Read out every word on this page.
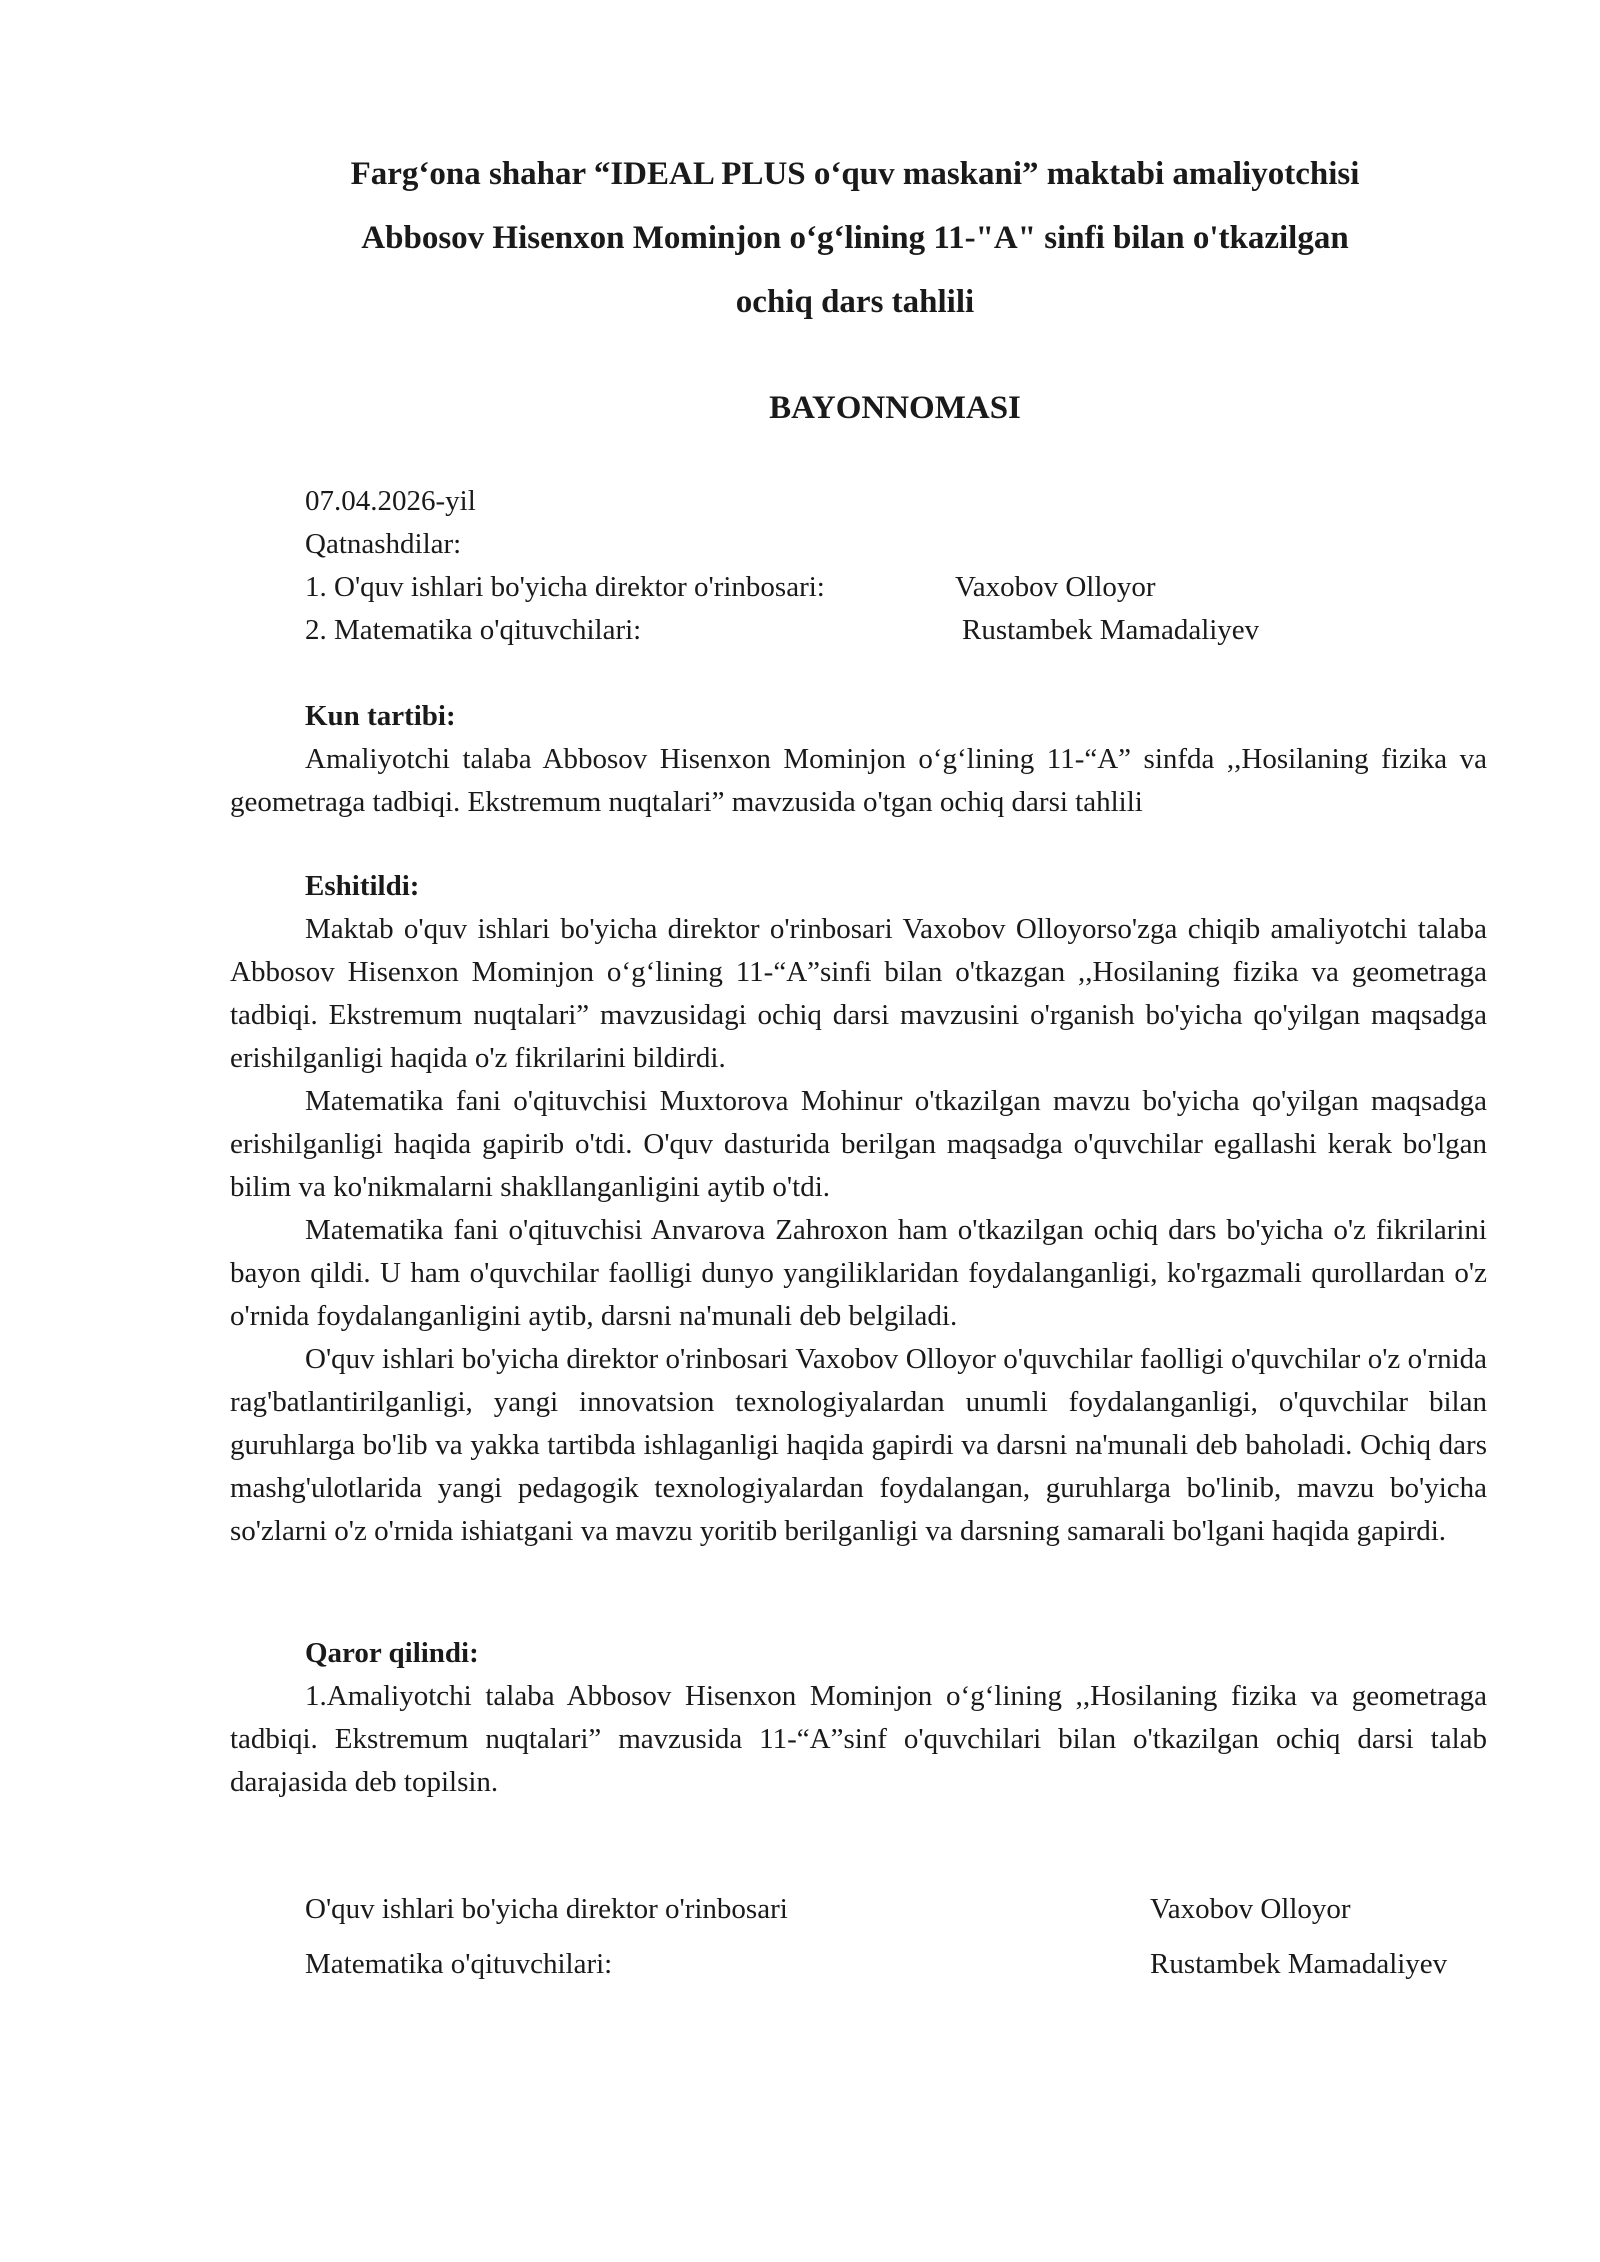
Farg‘ona shahar “IDEAL PLUS o‘quv maskani” maktabi amaliyotchisi
Abbosov Hisenxon Mominjon o‘g‘lining 11-"A" sinfi bilan o'tkazilgan
ochiq dars tahlili
BAYONNOMASI
07.04.2026-yil
Qatnashdilar:
1. O'quv ishlari bo'yicha direktor o'rinbosari:	Vaxobov Olloyor
2. Matematika o'qituvchilari:	Rustambek Mamadaliyev
Kun tartibi:

Amaliyotchi talaba Abbosov Hisenxon Mominjon o‘g‘lining 11-“A” sinfda ,,Hosilaning fizika va geometraga tadbiqi. Ekstremum nuqtalari” mavzusida o'tgan ochiq darsi tahlili

Eshitildi:

Maktab o'quv ishlari bo'yicha direktor o'rinbosari Vaxobov Olloyorso'zga chiqib amaliyotchi talaba Abbosov Hisenxon Mominjon o‘g‘lining 11-“A”sinfi bilan o'tkazgan ,,Hosilaning fizika va geometraga tadbiqi. Ekstremum nuqtalari” mavzusidagi ochiq darsi mavzusini o'rganish bo'yicha qo'yilgan maqsadga erishilganligi haqida o'z fikrilarini bildirdi.

Matematika fani o'qituvchisi Muxtorova Mohinur o'tkazilgan mavzu bo'yicha qo'yilgan maqsadga erishilganligi haqida gapirib o'tdi. O'quv dasturida berilgan maqsadga o'quvchilar egallashi kerak bo'lgan bilim va ko'nikmalarni shakllanganligini aytib o'tdi.

Matematika fani o'qituvchisi Anvarova Zahroxon ham o'tkazilgan ochiq dars bo'yicha o'z fikrilarini bayon qildi. U ham o'quvchilar faolligi dunyo yangiliklaridan foydalanganligi, ko'rgazmali qurollardan o'z o'rnida foydalanganligini aytib, darsni na'munali deb belgiladi.

O'quv ishlari bo'yicha direktor o'rinbosari Vaxobov Olloyor o'quvchilar faolligi o'quvchilar o'z o'rnida rag'batlantirilganligi, yangi innovatsion texnologiyalardan unumli foydalanganligi, o'quvchilar bilan guruhlarga bo'lib va yakka tartibda ishlaganligi haqida gapirdi va darsni na'munali deb baholadi. Ochiq dars mashg'ulotlarida yangi pedagogik texnologiyalardan foydalangan, guruhlarga bo'linib, mavzu bo'yicha so'zlarni o'z o'rnida ishiatgani va mavzu yoritib berilganligi va darsning samarali bo'lgani haqida gapirdi.

Qaror qilindi:

1.Amaliyotchi talaba Abbosov Hisenxon Mominjon o‘g‘lining ,,Hosilaning fizika va geometraga tadbiqi. Ekstremum nuqtalari” mavzusida 11-“A”sinf o'quvchilari bilan o'tkazilgan ochiq darsi talab darajasida deb topilsin.

O'quv ishlari bo'yicha direktor o'rinbosari	Vaxobov Olloyor
Matematika o'qituvchilari:	Rustambek Mamadaliyev
